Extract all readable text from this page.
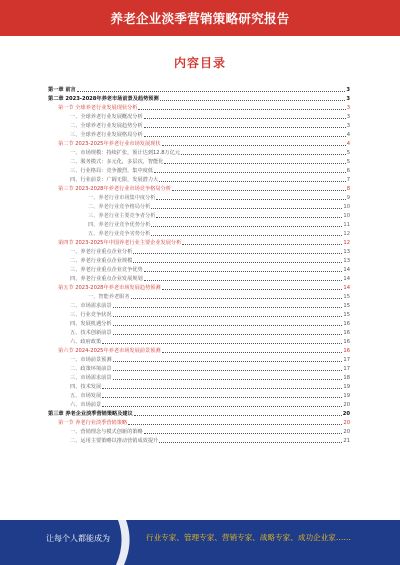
养老企业淡季营销策略研究报告
内容目录
第一章 前言	3
第二章 2023-2028年养老市场前景及趋势预测	3
第一节 全球养老行业发展现状分析	3
一、全球养老行业发展概况分析	3
二、全球养老行业发展趋势分析	3
三、全球养老行业发展格局分析	4
第二节 2023-2025年养老行业市场发展现状	4
一、市场规模：持续扩张，预计达到12.8万亿元	5
二、服务模式：多元化，多层次，智能化	5
三、行业格局：竞争激烈，集中度低	6
四、行业前景：广阔无限，发展潜力大	7
第三节 2023-2028年养老行业市场竞争格局分析	8
一、养老行业市场集中度分析	9
二、养老行业竞争格局分析	10
三、养老行业主要竞争者分析	10
四、养老行业竞争优势分析	11
五、养老行业竞争劣势分析	12
第四节 2023-2025年中国养老行业主要企业发展分析	12
一、养老行业重点企业分析	13
二、养老行业重点企业规模	13
三、养老行业重点企业竞争优势	14
四、养老行业重点企业发展规划	14
第五节 2023-2028年养老市场发展趋势预测	14
一、智能养老服务	15
二、市场需求前景	15
三、行业竞争状况	15
四、发展机遇分析	16
五、技术创新前景	16
六、政府政策	16
第六节 2024-2025年养老市场发展前景预测	16
一、市场前景预测	17
二、政策环境前景	17
三、市场需求前景	18
四、技术发展	19
五、市场发展	19
六、市场前景	20
第三章 养老企业淡季营销策略及建议	20
第一节 养老行业淡季营销策略	20
一、营销理念与模式创新的策略	20
二、运用主要策略以推动营销成效提升	21
让每个人都能成为	行业专家、管理专家、营销专家、战略专家、成功企业家……
